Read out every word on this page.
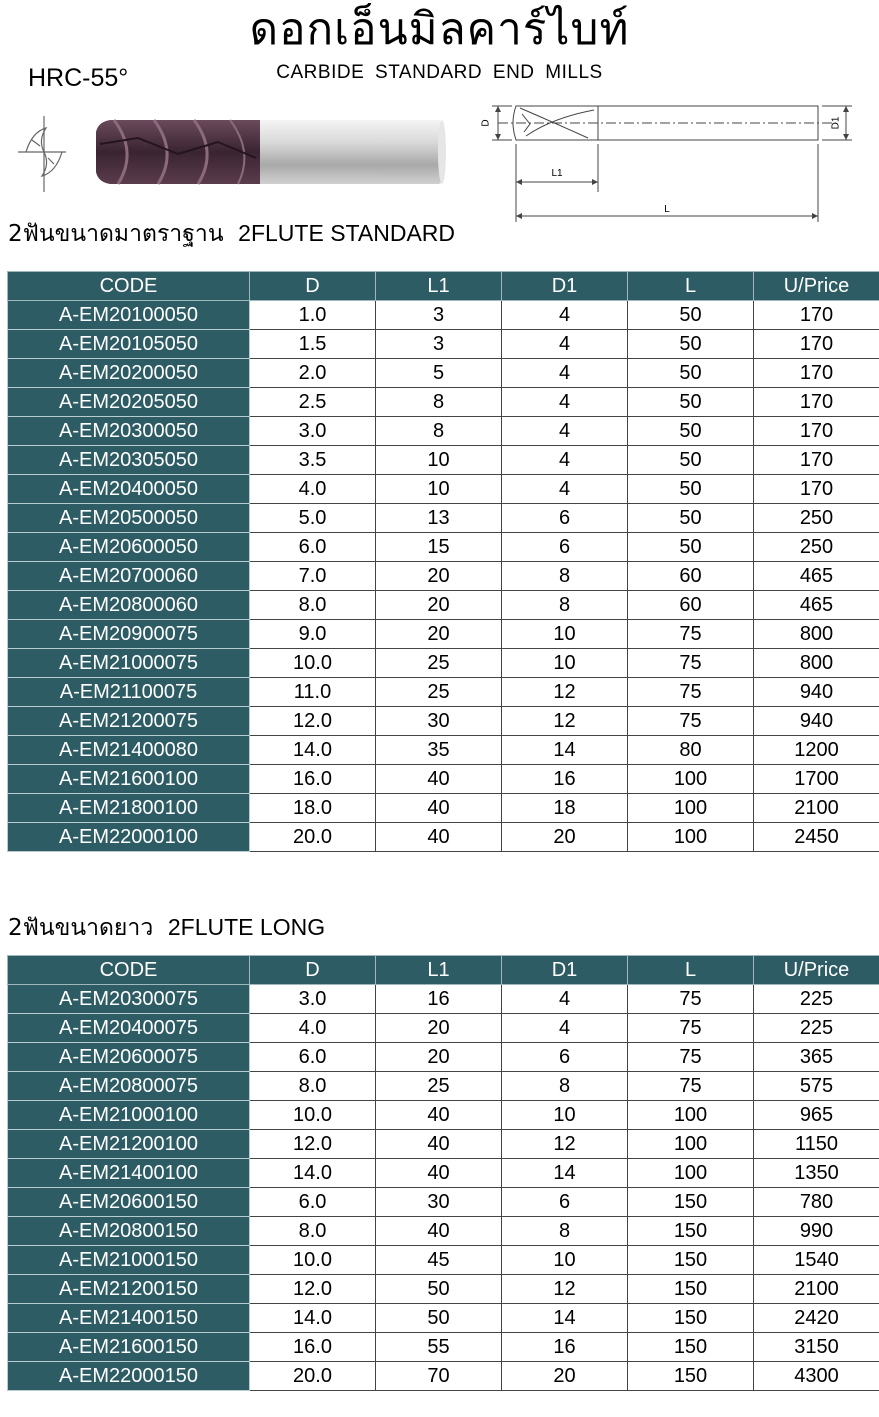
ดอกเอ็นมิลคาร์ไบท์
CARBIDE STANDARD END MILLS
HRC-55°
D	D1
L1
L
2ฟันขนาดมาตราฐาน 2FLUTE STANDARD
CODE	D	L1	D1	L	U/Price
A-EM20100050	1.0	3	4	50	170
A-EM20105050	1.5	3	4	50	170
A-EM20200050	2.0	5	4	50	170
A-EM20205050	2.5	8	4	50	170
A-EM20300050	3.0	8	4	50	170
A-EM20305050	3.5	10	4	50	170
A-EM20400050	4.0	10	4	50	170
A-EM20500050	5.0	13	6	50	250
A-EM20600050	6.0	15	6	50	250
A-EM20700060	7.0	20	8	60	465
A-EM20800060	8.0	20	8	60	465
A-EM20900075	9.0	20	10	75	800
A-EM21000075	10.0	25	10	75	800
A-EM21100075	11.0	25	12	75	940
A-EM21200075	12.0	30	12	75	940
A-EM21400080	14.0	35	14	80	1200
A-EM21600100	16.0	40	16	100	1700
A-EM21800100	18.0	40	18	100	2100
A-EM22000100	20.0	40	20	100	2450
2ฟันขนาดยาว 2FLUTE LONG
CODE	D	L1	D1	L	U/Price
A-EM20300075	3.0	16	4	75	225
A-EM20400075	4.0	20	4	75	225
A-EM20600075	6.0	20	6	75	365
A-EM20800075	8.0	25	8	75	575
A-EM21000100	10.0	40	10	100	965
A-EM21200100	12.0	40	12	100	1150
A-EM21400100	14.0	40	14	100	1350
A-EM20600150	6.0	30	6	150	780
A-EM20800150	8.0	40	8	150	990
A-EM21000150	10.0	45	10	150	1540
A-EM21200150	12.0	50	12	150	2100
A-EM21400150	14.0	50	14	150	2420
A-EM21600150	16.0	55	16	150	3150
A-EM22000150	20.0	70	20	150	4300
